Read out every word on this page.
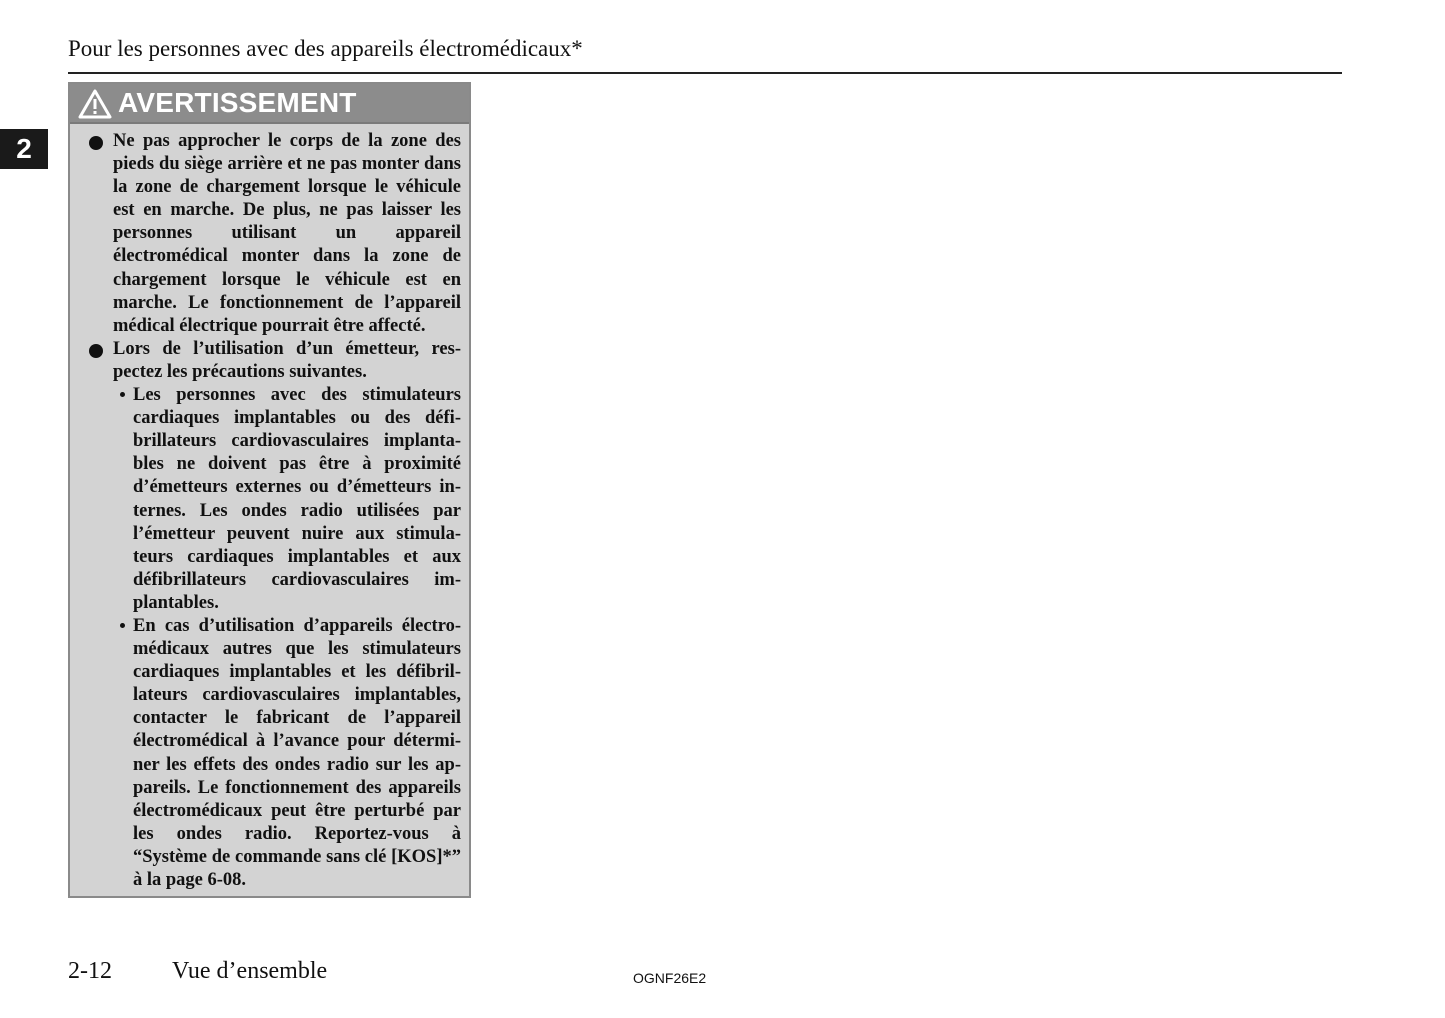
Pour les personnes avec des appareils électromédicaux*
2
AVERTISSEMENT

Ne pas approcher le corps de la zone des pieds du siège arrière et ne pas monter dans la zone de chargement lorsque le véhicule est en marche. De plus, ne pas laisser les personnes utilisant un appareil électromédical monter dans la zone de chargement lorsque le véhicule est en marche. Le fonctionnement de l’appareil médical électrique pourrait être affecté.

Lors de l’utilisation d’un émetteur, respectez les précautions suivantes.

Les personnes avec des stimulateurs cardiaques implantables ou des défibrillateurs cardiovasculaires implantables ne doivent pas être à proximité d’émetteurs externes ou d’émetteurs internes. Les ondes radio utilisées par l’émetteur peuvent nuire aux stimulateurs cardiaques implantables et aux défibrillateurs cardiovasculaires implantables.

En cas d’utilisation d’appareils électromédicaux autres que les stimulateurs cardiaques implantables et les défibrillateurs cardiovasculaires implantables, contacter le fabricant de l’appareil électromédical à l’avance pour déterminer les effets des ondes radio sur les appareils. Le fonctionnement des appareils électromédicaux peut être perturbé par les ondes radio. Reportez-vous à “Système de commande sans clé [KOS]*” à la page 6-08.

2-12	Vue d’ensemble	OGNF26E2
